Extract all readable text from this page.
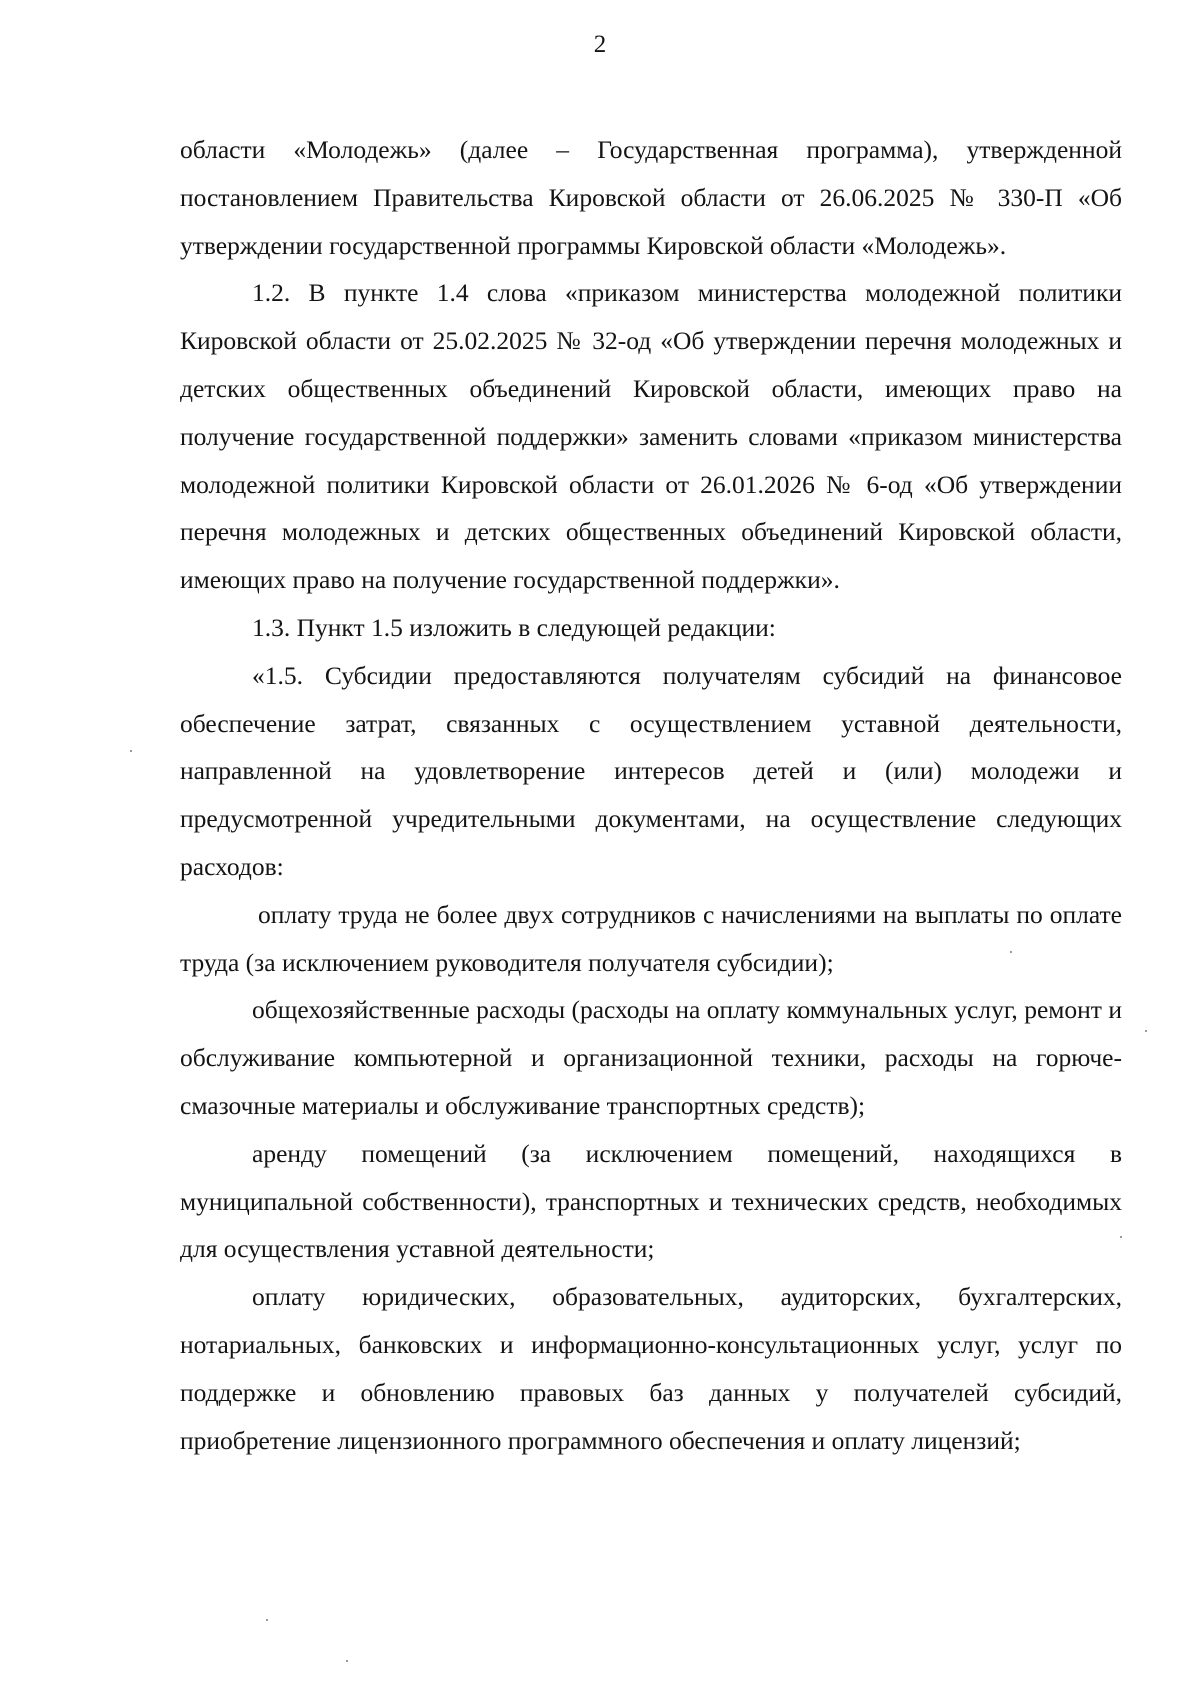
2

области «Молодежь» (далее – Государственная программа), утвержденной постановлением Правительства Кировской области от 26.06.2025 № 330-П «Об утверждении государственной программы Кировской области «Молодежь».

1.2. В пункте 1.4 слова «приказом министерства молодежной политики Кировской области от 25.02.2025 № 32-од «Об утверждении перечня молодежных и детских общественных объединений Кировской области, имеющих право на получение государственной поддержки» заменить словами «приказом министерства молодежной политики Кировской области от 26.01.2026 № 6-од «Об утверждении перечня молодежных и детских общественных объединений Кировской области, имеющих право на получение государственной поддержки».

1.3. Пункт 1.5 изложить в следующей редакции:

«1.5. Субсидии предоставляются получателям субсидий на финансовое обеспечение затрат, связанных с осуществлением уставной деятельности, направленной на удовлетворение интересов детей и (или) молодежи и предусмотренной учредительными документами, на осуществление следующих расходов:

оплату труда не более двух сотрудников с начислениями на выплаты по оплате труда (за исключением руководителя получателя субсидии);

общехозяйственные расходы (расходы на оплату коммунальных услуг, ремонт и обслуживание компьютерной и организационной техники, расходы на горюче-смазочные материалы и обслуживание транспортных средств);

аренду помещений (за исключением помещений, находящихся в муниципальной собственности), транспортных и технических средств, необходимых для осуществления уставной деятельности;

оплату юридических, образовательных, аудиторских, бухгалтерских, нотариальных, банковских и информационно-консультационных услуг, услуг по поддержке и обновлению правовых баз данных у получателей субсидий, приобретение лицензионного программного обеспечения и оплату лицензий;
